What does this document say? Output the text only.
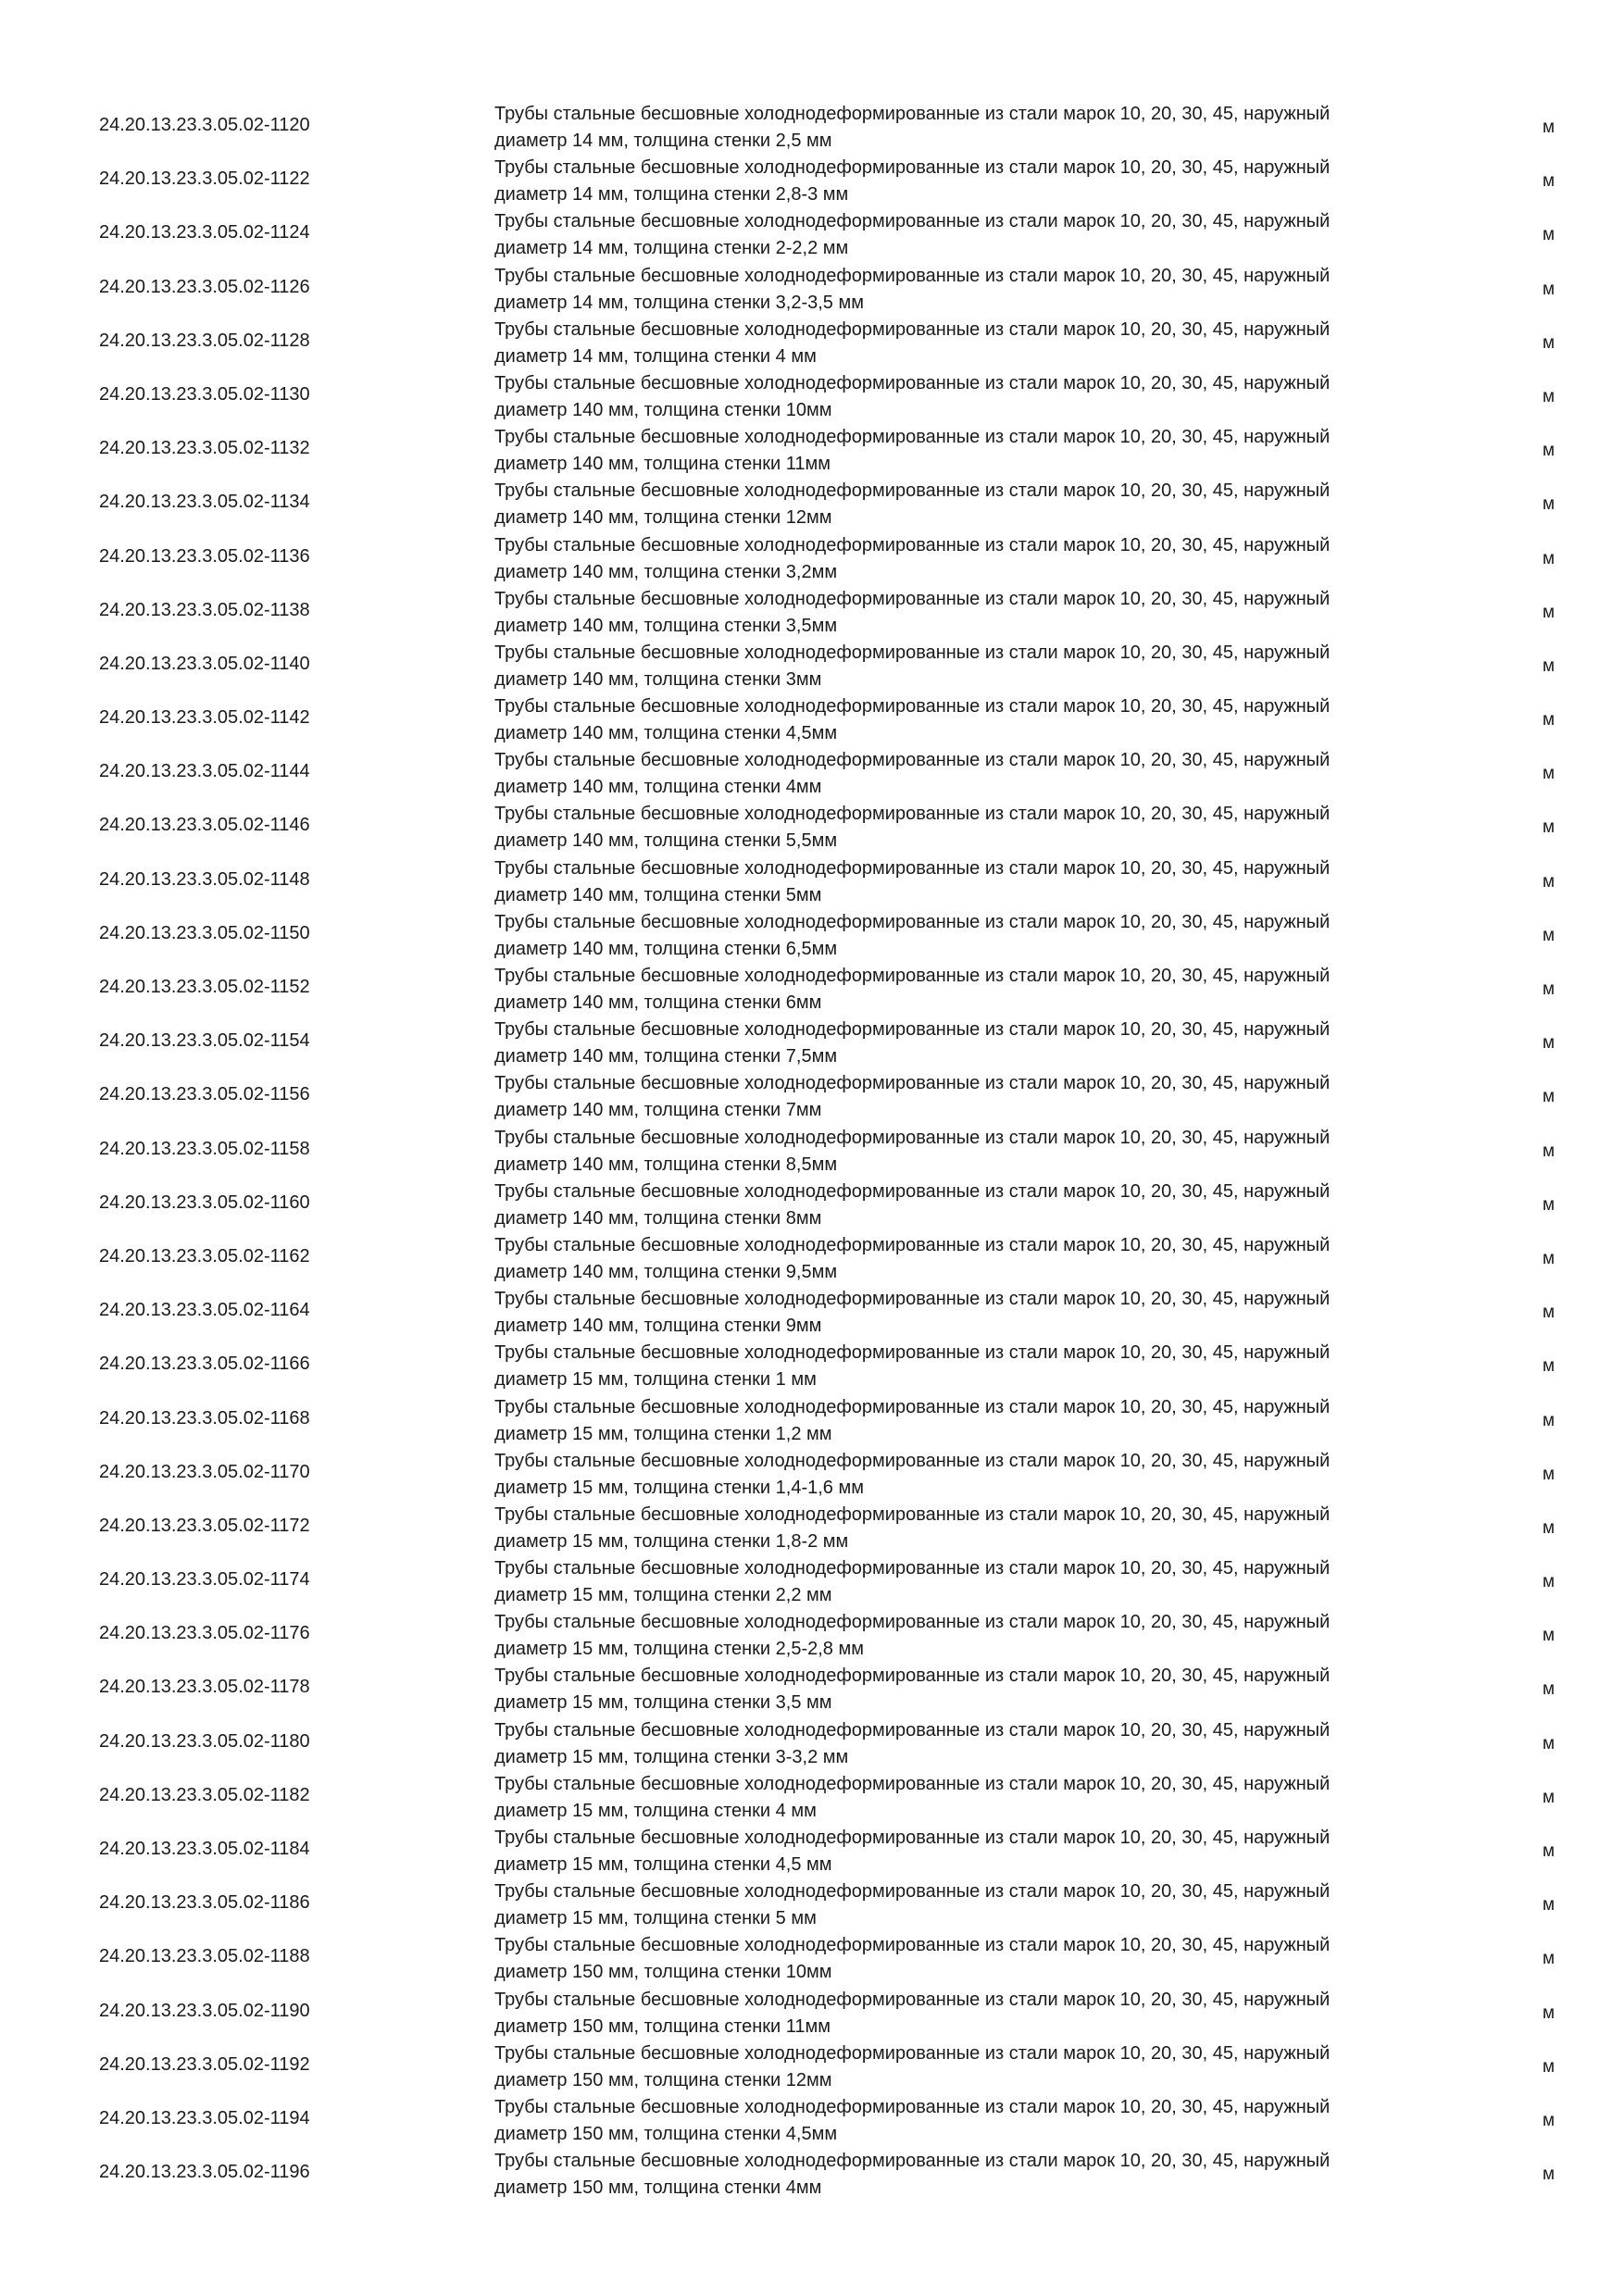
24.20.13.23.3.05.02-1120
Трубы стальные бесшовные холоднодеформированные из стали марок 10, 20, 30, 45, наружный
диаметр 14 мм, толщина стенки 2,5 мм
м
24.20.13.23.3.05.02-1122
Трубы стальные бесшовные холоднодеформированные из стали марок 10, 20, 30, 45, наружный
диаметр 14 мм, толщина стенки 2,8-3 мм
м
24.20.13.23.3.05.02-1124
Трубы стальные бесшовные холоднодеформированные из стали марок 10, 20, 30, 45, наружный
диаметр 14 мм, толщина стенки 2-2,2 мм
м
24.20.13.23.3.05.02-1126
Трубы стальные бесшовные холоднодеформированные из стали марок 10, 20, 30, 45, наружный
диаметр 14 мм, толщина стенки 3,2-3,5 мм
м
24.20.13.23.3.05.02-1128
Трубы стальные бесшовные холоднодеформированные из стали марок 10, 20, 30, 45, наружный
диаметр 14 мм, толщина стенки 4 мм
м
24.20.13.23.3.05.02-1130
Трубы стальные бесшовные холоднодеформированные из стали марок 10, 20, 30, 45, наружный
диаметр 140 мм, толщина стенки 10мм
м
24.20.13.23.3.05.02-1132
Трубы стальные бесшовные холоднодеформированные из стали марок 10, 20, 30, 45, наружный
диаметр 140 мм, толщина стенки 11мм
м
24.20.13.23.3.05.02-1134
Трубы стальные бесшовные холоднодеформированные из стали марок 10, 20, 30, 45, наружный
диаметр 140 мм, толщина стенки 12мм
м
24.20.13.23.3.05.02-1136
Трубы стальные бесшовные холоднодеформированные из стали марок 10, 20, 30, 45, наружный
диаметр 140 мм, толщина стенки 3,2мм
м
24.20.13.23.3.05.02-1138
Трубы стальные бесшовные холоднодеформированные из стали марок 10, 20, 30, 45, наружный
диаметр 140 мм, толщина стенки 3,5мм
м
24.20.13.23.3.05.02-1140
Трубы стальные бесшовные холоднодеформированные из стали марок 10, 20, 30, 45, наружный
диаметр 140 мм, толщина стенки 3мм
м
24.20.13.23.3.05.02-1142
Трубы стальные бесшовные холоднодеформированные из стали марок 10, 20, 30, 45, наружный
диаметр 140 мм, толщина стенки 4,5мм
м
24.20.13.23.3.05.02-1144
Трубы стальные бесшовные холоднодеформированные из стали марок 10, 20, 30, 45, наружный
диаметр 140 мм, толщина стенки 4мм
м
24.20.13.23.3.05.02-1146
Трубы стальные бесшовные холоднодеформированные из стали марок 10, 20, 30, 45, наружный
диаметр 140 мм, толщина стенки 5,5мм
м
24.20.13.23.3.05.02-1148
Трубы стальные бесшовные холоднодеформированные из стали марок 10, 20, 30, 45, наружный
диаметр 140 мм, толщина стенки 5мм
м
24.20.13.23.3.05.02-1150
Трубы стальные бесшовные холоднодеформированные из стали марок 10, 20, 30, 45, наружный
диаметр 140 мм, толщина стенки 6,5мм
м
24.20.13.23.3.05.02-1152
Трубы стальные бесшовные холоднодеформированные из стали марок 10, 20, 30, 45, наружный
диаметр 140 мм, толщина стенки 6мм
м
24.20.13.23.3.05.02-1154
Трубы стальные бесшовные холоднодеформированные из стали марок 10, 20, 30, 45, наружный
диаметр 140 мм, толщина стенки 7,5мм
м
24.20.13.23.3.05.02-1156
Трубы стальные бесшовные холоднодеформированные из стали марок 10, 20, 30, 45, наружный
диаметр 140 мм, толщина стенки 7мм
м
24.20.13.23.3.05.02-1158
Трубы стальные бесшовные холоднодеформированные из стали марок 10, 20, 30, 45, наружный
диаметр 140 мм, толщина стенки 8,5мм
м
24.20.13.23.3.05.02-1160
Трубы стальные бесшовные холоднодеформированные из стали марок 10, 20, 30, 45, наружный
диаметр 140 мм, толщина стенки 8мм
м
24.20.13.23.3.05.02-1162
Трубы стальные бесшовные холоднодеформированные из стали марок 10, 20, 30, 45, наружный
диаметр 140 мм, толщина стенки 9,5мм
м
24.20.13.23.3.05.02-1164
Трубы стальные бесшовные холоднодеформированные из стали марок 10, 20, 30, 45, наружный
диаметр 140 мм, толщина стенки 9мм
м
24.20.13.23.3.05.02-1166
Трубы стальные бесшовные холоднодеформированные из стали марок 10, 20, 30, 45, наружный
диаметр 15 мм, толщина стенки 1 мм
м
24.20.13.23.3.05.02-1168
Трубы стальные бесшовные холоднодеформированные из стали марок 10, 20, 30, 45, наружный
диаметр 15 мм, толщина стенки 1,2 мм
м
24.20.13.23.3.05.02-1170
Трубы стальные бесшовные холоднодеформированные из стали марок 10, 20, 30, 45, наружный
диаметр 15 мм, толщина стенки 1,4-1,6 мм
м
24.20.13.23.3.05.02-1172
Трубы стальные бесшовные холоднодеформированные из стали марок 10, 20, 30, 45, наружный
диаметр 15 мм, толщина стенки 1,8-2 мм
м
24.20.13.23.3.05.02-1174
Трубы стальные бесшовные холоднодеформированные из стали марок 10, 20, 30, 45, наружный
диаметр 15 мм, толщина стенки 2,2 мм
м
24.20.13.23.3.05.02-1176
Трубы стальные бесшовные холоднодеформированные из стали марок 10, 20, 30, 45, наружный
диаметр 15 мм, толщина стенки 2,5-2,8 мм
м
24.20.13.23.3.05.02-1178
Трубы стальные бесшовные холоднодеформированные из стали марок 10, 20, 30, 45, наружный
диаметр 15 мм, толщина стенки 3,5 мм
м
24.20.13.23.3.05.02-1180
Трубы стальные бесшовные холоднодеформированные из стали марок 10, 20, 30, 45, наружный
диаметр 15 мм, толщина стенки 3-3,2 мм
м
24.20.13.23.3.05.02-1182
Трубы стальные бесшовные холоднодеформированные из стали марок 10, 20, 30, 45, наружный
диаметр 15 мм, толщина стенки 4 мм
м
24.20.13.23.3.05.02-1184
Трубы стальные бесшовные холоднодеформированные из стали марок 10, 20, 30, 45, наружный
диаметр 15 мм, толщина стенки 4,5 мм
м
24.20.13.23.3.05.02-1186
Трубы стальные бесшовные холоднодеформированные из стали марок 10, 20, 30, 45, наружный
диаметр 15 мм, толщина стенки 5 мм
м
24.20.13.23.3.05.02-1188
Трубы стальные бесшовные холоднодеформированные из стали марок 10, 20, 30, 45, наружный
диаметр 150 мм, толщина стенки 10мм
м
24.20.13.23.3.05.02-1190
Трубы стальные бесшовные холоднодеформированные из стали марок 10, 20, 30, 45, наружный
диаметр 150 мм, толщина стенки 11мм
м
24.20.13.23.3.05.02-1192
Трубы стальные бесшовные холоднодеформированные из стали марок 10, 20, 30, 45, наружный
диаметр 150 мм, толщина стенки 12мм
м
24.20.13.23.3.05.02-1194
Трубы стальные бесшовные холоднодеформированные из стали марок 10, 20, 30, 45, наружный
диаметр 150 мм, толщина стенки 4,5мм
м
24.20.13.23.3.05.02-1196
Трубы стальные бесшовные холоднодеформированные из стали марок 10, 20, 30, 45, наружный
диаметр 150 мм, толщина стенки 4мм
м
